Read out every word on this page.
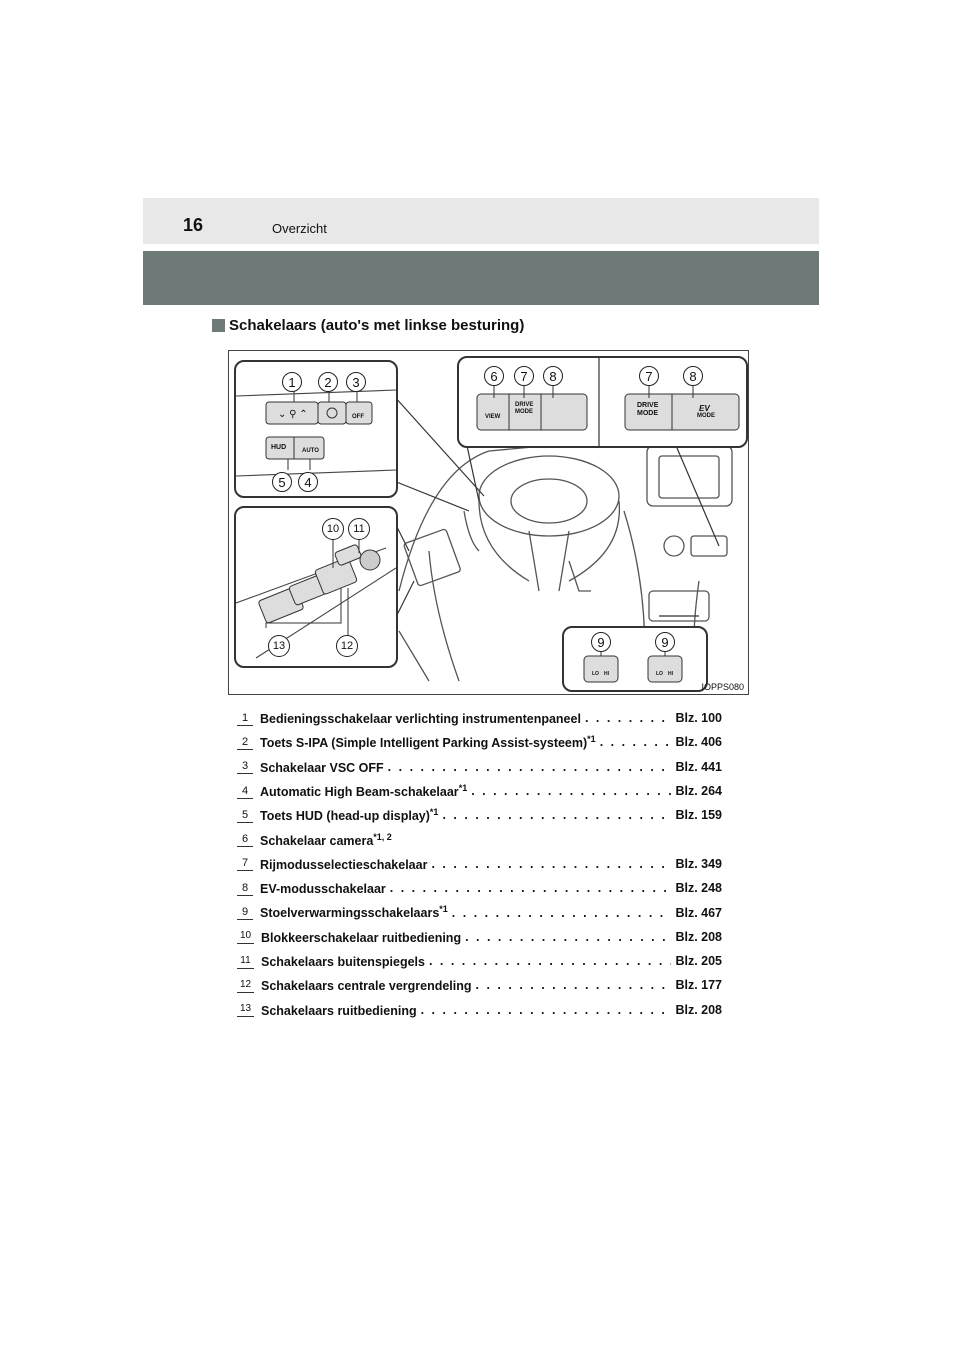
16	Overzicht
Schakelaars (auto's met linkse besturing)
⌄ ⚲ ⌃
1	2	3
5	4
HUD	AUTO
OFF
6	7	8	7	8
VIEW
DRIVE
MODE
DRIVE
MODE
EV
MODE
10	11
13	12	9	9
LO HI	LO HI
IOPPS080
1 Bedieningsschakelaar verlichting instrumentenpaneel . . .	Blz. 100
2 Toets S-IPA (Simple Intelligent Parking Assist-systeem)$^{*1}$ . . .	Blz. 406
3 Schakelaar VSC OFF . . .	Blz. 441
4 Automatic High Beam-schakelaar$^{*1}$ . . .	Blz. 264
5 Toets HUD (head-up display)$^{*1}$ . . .	Blz. 159
6 Schakelaar camera$^{*1, 2}$
7 Rijmodusselectieschakelaar . . .	Blz. 349
8 EV-modusschakelaar . . .	Blz. 248
9 Stoelverwarmingsschakelaars$^{*1}$ . . .	Blz. 467
10 Blokkeerschakelaar ruitbediening . . .	Blz. 208
11 Schakelaars buitenspiegels . . .	Blz. 205
12 Schakelaars centrale vergrendeling . . .	Blz. 177
13 Schakelaars ruitbediening . . .	Blz. 208
